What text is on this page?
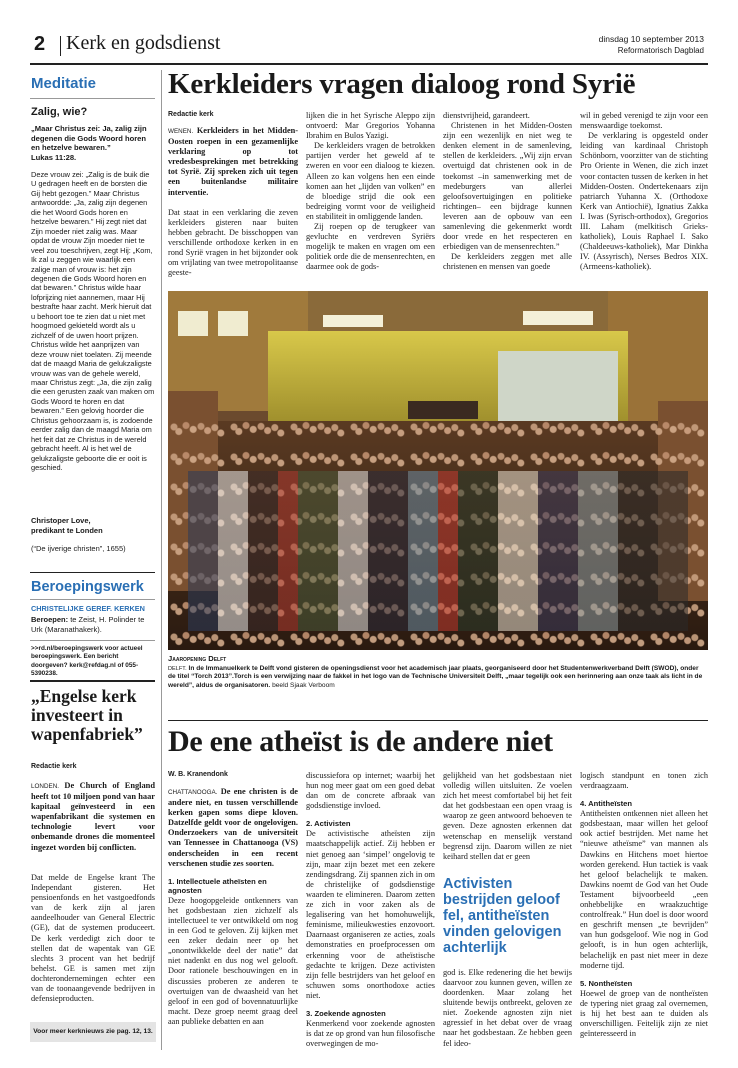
2 Kerk en godsdienst	dinsdag 10 september 2013
Reformatorisch Dagblad
Meditatie
Zalig, wie?
„Maar Christus zei: Ja, zalig zijn degenen die Gods Woord horen en hetzelve bewaren.”
Lukas 11:28.

Deze vrouw zei: „Zalig is de buik die U gedragen heeft en de borsten die Gij hebt gezogen.” Maar Christus antwoordde: „Ja, zalig zijn degenen die het Woord Gods horen en hetzelve bewaren.” Hij zegt niet dat Zijn moeder niet zalig was. Maar opdat de vrouw Zijn moeder niet te veel zou toeschrijven, zegt Hij: „Kom, Ik zal u zeggen wie waarlijk een zalige man of vrouw is: het zijn degenen die Gods Woord horen en dat bewaren.” Christus wilde haar lofprijzing niet aannemen, maar Hij bestrafte haar zacht. Merk hieruit dat u behoort toe te zien dat u niet met hoogmoed gekieteld wordt als u zichzelf of de uwen hoort prijzen.

Christus wilde het aanprijzen van deze vrouw niet toelaten. Zij meende dat de maagd Maria de gelukzaligste vrouw was van de gehele wereld, maar Christus zegt: „Ja, die zijn zalig die een gerusten zaak van maken om Gods Woord te horen en dat bewaren.” Een gelovig hoorder die Christus gehoorzaam is, is zodoende eerder zalig dan de maagd Maria om het feit dat ze Christus in de wereld gebracht heeft. Al is het wel de gelukzaligste geboorte die er ooit is geschied.

Christoper Love,
predikant te Londen
(“De ijverige christen”, 1655)
Beroepingswerk
CHRISTELIJKE GEREF. KERKEN
Beroepen: te Zeist, H. Polinder te Urk (Maranathakerk).
>>rd.nl/beroepingswerk voor actueel beroepingswerk. Een bericht doorgeven? kerk@refdag.nl of 055-5390238.
„Engelse kerk investeert in wapenfabriek”
Redactie kerk
LONDEN. De Church of England heeft tot 10 miljoen pond van haar kapitaal geïnvesteerd in een wapenfabrikant die systemen en technologie levert voor onbemande drones die momenteel ingezet worden bij conflicten.
Dat melde de Engelse krant The Independant gisteren. Het pensioenfonds en het vastgoedfonds van de kerk zijn al jaren aandeelhouder van General Electric (GE), dat de systemen produceert. De kerk verdedigt zich door te stellen dat de wapentak van GE slechts 3 procent van het bedrijf behelst. GE is samen met zijn dochterondernemingen echter een van de toonaangevende bedrijven in defensieproducten.
Voor meer kerknieuws zie pag. 12, 13.
Kerkleiders vragen dialoog rond Syrië
Redactie kerk
WENEN. Kerkleiders in het Midden-Oosten roepen in een gezamenlijke verklaring op tot vredesbesprekingen met betrekking tot Syrië. Zij spreken zich uit tegen een buitenlandse militaire interventie.
Dat staat in een verklaring die zeven kerkleiders gisteren naar buiten hebben gebracht. De bisschoppen van verschillende orthodoxe kerken in en rond Syrië vragen in het bijzonder ook om vrijlating van twee metropolitaanse geeste-

lijken die in het Syrische Aleppo zijn ontvoerd: Mar Gregorios Yohanna Ibrahim en Bulos Yazigi.

De kerkleiders vragen de betrokken partijen verder het geweld af te zweren en voor een dialoog te kiezen. Alleen zo kan volgens hen een einde komen aan het „lijden van volken” en de bloedige strijd die ook een bedreiging vormt voor de veiligheid en stabiliteit in omliggende landen.

Zij roepen op de terugkeer van gevluchte en verdreven Syriërs mogelijk te maken en vragen om een politiek orde die de mensenrechten, en daarmee ook de gods-

dienstvrijheid, garandeert.

Christenen in het Midden-Oosten zijn een wezenlijk en niet weg te denken element in de samenleving, stellen de kerkleiders. „Wij zijn ervan overtuigd dat christenen ook in de toekomst –in samenwerking met de medeburgers van allerlei geloofsovertuigingen en politieke richtingen– een bijdrage kunnen leveren aan de opbouw van een samenleving die gekenmerkt wordt door vrede en het respecteren en erbiedigen van de mensenrechten.”

De kerkleiders zeggen met alle christenen en mensen van goede

wil in gebed verenigd te zijn voor een menswaardige toekomst.

De verklaring is opgesteld onder leiding van kardinaal Christoph Schönborn, voorzitter van de stichting Pro Oriente in Wenen, die zich inzet voor contacten tussen de kerken in het Midden-Oosten. Ondertekenaars zijn patriarch Yuhanna X. (Orthodoxe Kerk van Antiochië), Ignatius Zakka I. Iwas (Syrisch-orthodox), Gregorios III. Laham (melkitisch Grieks-katholiek), Louis Raphael I. Sako (Chaldeeuws-katholiek), Mar Dinkha IV. (Assyrisch), Nerses Bedros XIX. (Armeens-katholiek).

Jaaropening Delft
DELFT. In de Immanuelkerk te Delft vond gisteren de openingsdienst voor het academisch jaar plaats, georganiseerd door het Studentenwerkverband Delft (SWOD), onder de titel “Torch 2013”.Torch is een verwijzing naar de fakkel in het logo van de Technische Universiteit Delft, „maar tegelijk ook een herinnering aan onze taak als licht in de wereld”, aldus de organisatoren. beeld Sjaak Verboom
De ene atheïst is de andere niet
W. B. Kranendonk
CHATTANOOGA. De ene christen is de andere niet, en tussen verschillende kerken gapen soms diepe kloven. Datzelfde geldt voor de ongelovigen. Onderzoekers van de universiteit van Tennessee in Chattanooga (VS) onderscheiden in een recent verschenen studie zes soorten.
1. Intellectuele atheïsten en agnosten
Deze hoogopgeleide ontkenners van het godsbestaan zien zichzelf als intellectueel te ver ontwikkeld om nog in een God te geloven. Zij kijken met een zeker dedain neer op het „onontwikkelde deel der natie” dat niet nadenkt en dus nog wel gelooft. Door rationele beschouwingen en in discussies proberen ze anderen te overtuigen van de dwaasheid van het geloof in een god of bovennatuurlijke macht. Deze groep neemt graag deel aan publieke debatten en aan
discussiefora op internet; waarbij het hun nog meer gaat om een goed debat dan om de concrete afbraak van godsdienstige invloed.
2. Activisten
De activistische atheïsten zijn maatschappelijk actief. Zij hebben er niet genoeg aan ‘simpel’ ongelovig te zijn, maar zijn bezet met een zekere zendingsdrang. Zij spannen zich in om de christelijke of godsdienstige waarden te elimineren. Daarom zetten ze zich in voor zaken als de legalisering van het homohuwelijk, feminisme, milieukwesties enzovoort. Daarnaast organiseren ze acties, zoals demonstraties en proefprocessen om erkenning voor de atheïstische gedachte te krijgen. Deze activisten zijn felle bestrijders van het geloof en schuwen soms onorthodoxe acties niet.
3. Zoekende agnosten
Kenmerkend voor zoekende agnosten is dat ze op grond van hun filosofische overwegingen de mo-
gelijkheid van het godsbestaan niet volledig willen uitsluiten. Ze voelen zich het meest comfortabel bij het feit dat het godsbestaan een open vraag is waarop ze geen antwoord behoeven te geven. Deze agnosten erkennen dat wetenschap en menselijk verstand begrensd zijn. Daarom willen ze niet keihard stellen dat er geen
Activisten bestrijden geloof fel, antitheïsten vinden gelovigen achterlijk
god is. Elke redenering die het bewijs daarvoor zou kunnen geven, willen ze doordenken. Maar zolang het sluitende bewijs ontbreekt, geloven ze niet. Zoekende agnosten zijn niet agressief in het debat over de vraag naar het godsbestaan. Ze hebben geen fel ideo-
logisch standpunt en tonen zich verdraagzaam.
4. Antitheïsten
Antitheïsten ontkennen niet alleen het godsbestaan, maar willen het geloof ook actief bestrijden. Met name het “nieuwe atheïsme” van mannen als Dawkins en Hitchens moet hiertoe worden gerekend. Hun tactiek is vaak het geloof belachelijk te maken. Dawkins noemt de God van het Oude Testament bijvoorbeeld „een onhebbelijke en wraakzuchtige controlfreak.” Hun doel is door woord en geschrift mensen „te bevrijden” van hun godsgeloof. Wie nog in God gelooft, is in hun ogen achterlijk, belachelijk en past niet meer in deze moderne tijd.
5. Nontheïsten
Hoewel de groep van de nontheïsten de typering niet graag zal overnemen, is hij het best aan te duiden als onverschilligen. Feitelijk zijn ze niet geïnteresseerd in
